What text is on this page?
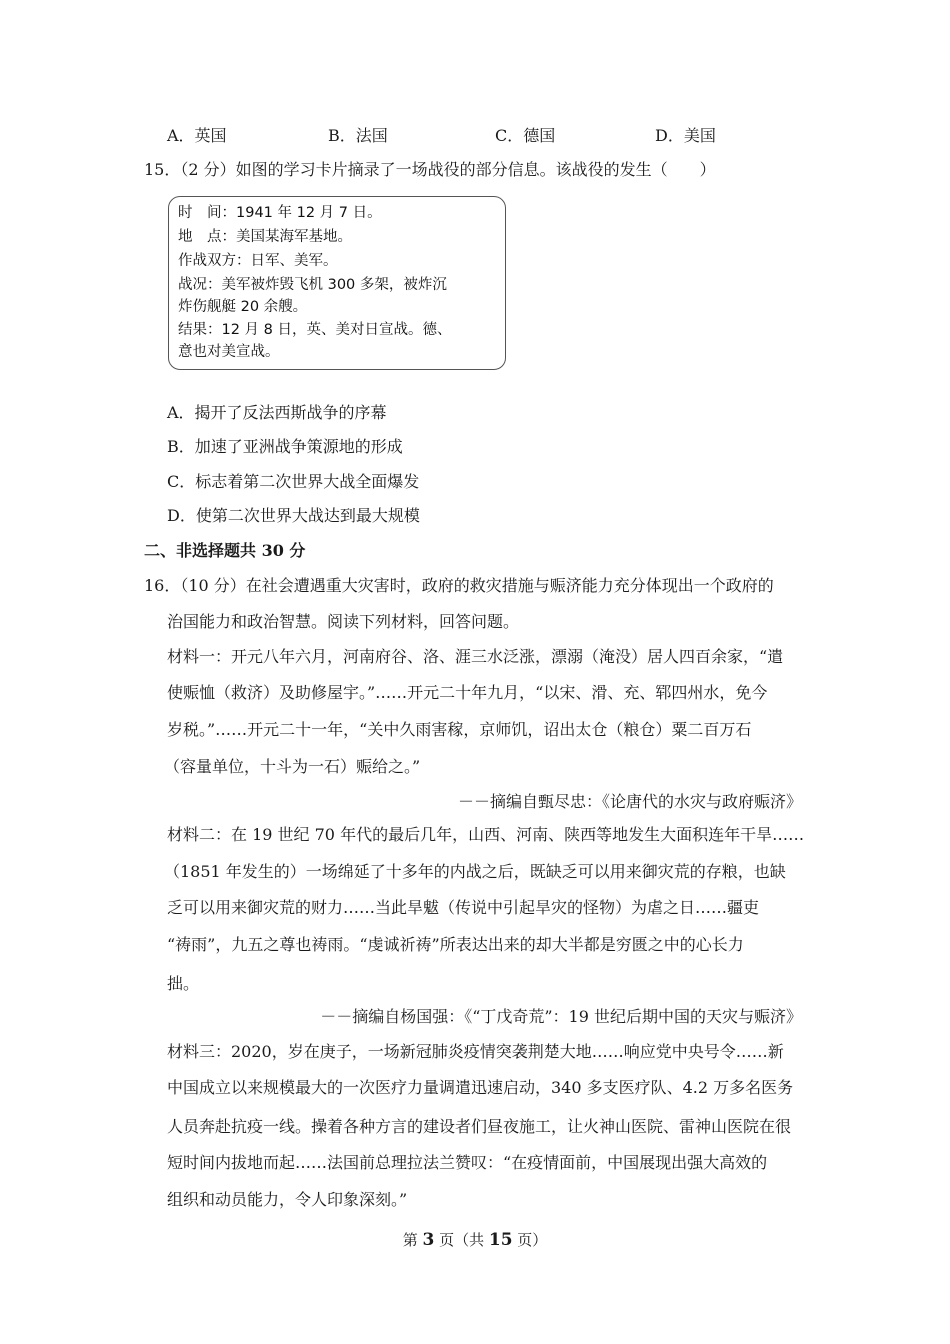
A．英国	B．法国	C．德国	D．美国
15．（2 分）如图的学习卡片摘录了一场战役的部分信息。该战役的发生（　　）
时　间：1941 年 12 月 7 日。
地　点：美国某海军基地。
作战双方：日军、美军。
战况：美军被炸毁飞机 300 多架，被炸沉
炸伤舰艇 20 余艘。
结果：12 月 8 日，英、美对日宣战。德、
意也对美宣战。
A．揭开了反法西斯战争的序幕
B．加速了亚洲战争策源地的形成
C．标志着第二次世界大战全面爆发
D．使第二次世界大战达到最大规模
二、非选择题共 30 分
16．（10 分）在社会遭遇重大灾害时，政府的救灾措施与赈济能力充分体现出一个政府的
治国能力和政治智慧。阅读下列材料，回答问题。
材料一：开元八年六月，河南府谷、洛、涯三水泛涨，漂溺（淹没）居人四百余家，“遣
使赈恤（救济）及助修屋宇。”……开元二十年九月，“以宋、滑、充、郓四州水，免今
岁税。”……开元二十一年，“关中久雨害稼，京师饥，诏出太仓（粮仓）粟二百万石
（容量单位，十斗为一石）赈给之。”
－－摘编自甄尽忠：《论唐代的水灾与政府赈济》
材料二：在 19 世纪 70 年代的最后几年，山西、河南、陕西等地发生大面积连年干旱……
（1851 年发生的）一场绵延了十多年的内战之后，既缺乏可以用来御灾荒的存粮，也缺
乏可以用来御灾荒的财力……当此旱魃（传说中引起旱灾的怪物）为虐之日……疆吏
“祷雨”，九五之尊也祷雨。“虔诚祈祷”所表达出来的却大半都是穷匮之中的心长力
拙。
－－摘编自杨国强：《“丁戊奇荒”：19 世纪后期中国的天灾与赈济》
材料三：2020，岁在庚子，一场新冠肺炎疫情突袭荆楚大地……响应党中央号令……新
中国成立以来规模最大的一次医疗力量调遣迅速启动，340 多支医疗队、4.2 万多名医务
人员奔赴抗疫一线。操着各种方言的建设者们昼夜施工，让火神山医院、雷神山医院在很
短时间内拔地而起……法国前总理拉法兰赞叹：“在疫情面前，中国展现出强大高效的
组织和动员能力，令人印象深刻。”
第 3 页（共 15 页）
